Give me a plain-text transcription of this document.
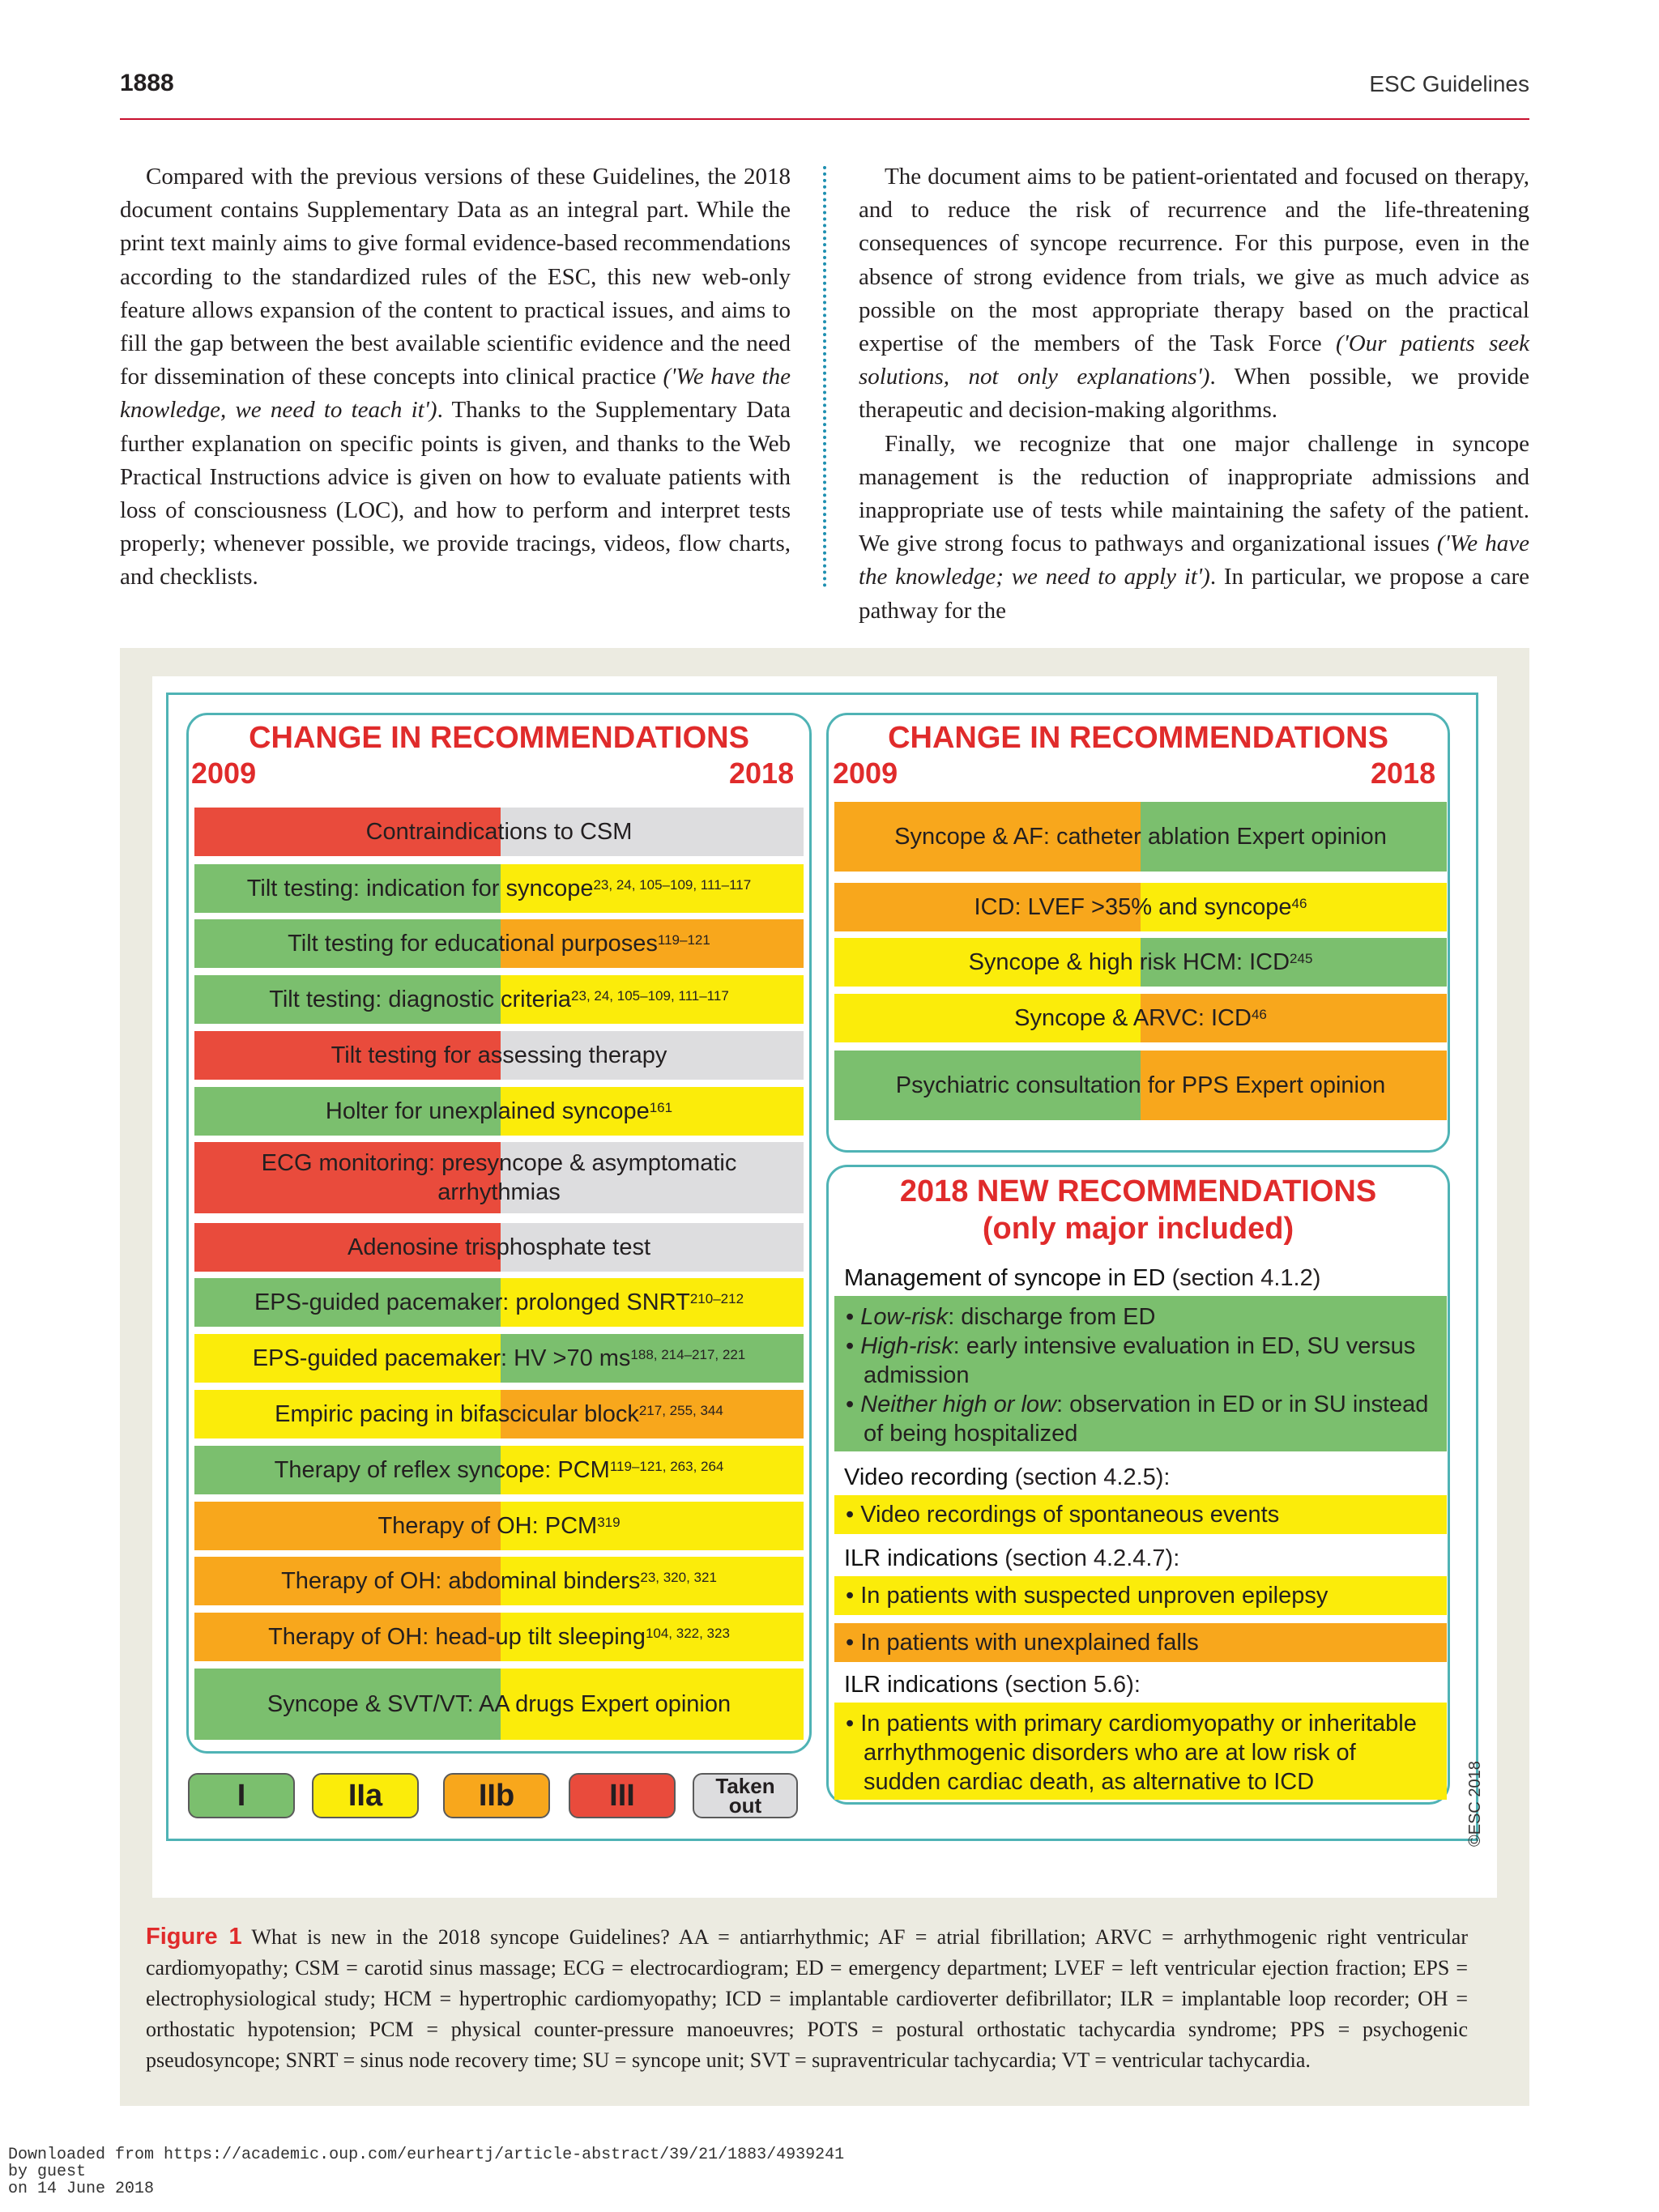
1888	ESC Guidelines

Compared with the previous versions of these Guidelines, the 2018 document contains Supplementary Data as an integral part. While the print text mainly aims to give formal evidence-based recommendations according to the standardized rules of the ESC, this new web-only feature allows expansion of the content to practical issues, and aims to fill the gap between the best available scientific evidence and the need for dissemination of these concepts into clinical practice ('We have the knowledge, we need to teach it'). Thanks to the Supplementary Data further explanation on specific points is given, and thanks to the Web Practical Instructions advice is given on how to evaluate patients with loss of consciousness (LOC), and how to perform and interpret tests properly; whenever possible, we provide tracings, videos, flow charts, and checklists.

The document aims to be patient-orientated and focused on therapy, and to reduce the risk of recurrence and the life-threatening consequences of syncope recurrence. For this purpose, even in the absence of strong evidence from trials, we give as much advice as possible on the most appropriate therapy based on the practical expertise of the members of the Task Force ('Our patients seek solutions, not only explanations'). When possible, we provide therapeutic and decision-making algorithms.

Finally, we recognize that one major challenge in syncope management is the reduction of inappropriate admissions and inappropriate use of tests while maintaining the safety of the patient. We give strong focus to pathways and organizational issues ('We have the knowledge; we need to apply it'). In particular, we propose a care pathway for the

CHANGE IN RECOMMENDATIONS
2009	2018
Contraindications to CSM
Tilt testing: indication for syncope$^{23, 24, 105-109, 111-117}$
Tilt testing for educational purposes$^{119-121}$
Tilt testing: diagnostic criteria$^{23, 24, 105-109, 111-117}$
Tilt testing for assessing therapy
Holter for unexplained syncope$^{161}$
ECG monitoring: presyncope & asymptomatic arrhythmias
Adenosine trisphosphate test
EPS-guided pacemaker: prolonged SNRT$^{210-212}$
EPS-guided pacemaker: HV >70 ms$^{188, 214-217, 221}$
Empiric pacing in bifascicular block$^{217, 255, 344}$
Therapy of reflex syncope: PCM$^{119-121, 263, 264}$
Therapy of OH: PCM$^{319}$
Therapy of OH: abdominal binders$^{23, 320, 321}$
Therapy of OH: head-up tilt sleeping$^{104, 322, 323}$
Syncope & SVT/VT: AA drugs Expert opinion
CHANGE IN RECOMMENDATIONS
2009	2018
Syncope & AF: catheter ablation Expert opinion
ICD: LVEF >35% and syncope$^{46}$
Syncope & high risk HCM: ICD$^{245}$
Syncope & ARVC: ICD$^{46}$
Psychiatric consultation for PPS Expert opinion
2018 NEW RECOMMENDATIONS
(only major included)
Management of syncope in ED (section 4.1.2)
• Low-risk: discharge from ED
• High-risk: early intensive evaluation in ED, SU versus admission
• Neither high or low: observation in ED or in SU instead of being hospitalized
Video recording (section 4.2.5):
• Video recordings of spontaneous events
ILR indications (section 4.2.4.7):
• In patients with suspected unproven epilepsy
• In patients with unexplained falls
ILR indications (section 5.6):
• In patients with primary cardiomyopathy or inheritable arrhythmogenic disorders who are at low risk of sudden cardiac death, as alternative to ICD
I	IIa	IIb	III	Taken out	©ESC 2018
Figure 1 What is new in the 2018 syncope Guidelines? AA = antiarrhythmic; AF = atrial fibrillation; ARVC = arrhythmogenic right ventricular cardiomyopathy; CSM = carotid sinus massage; ECG = electrocardiogram; ED = emergency department; LVEF = left ventricular ejection fraction; EPS = electrophysiological study; HCM = hypertrophic cardiomyopathy; ICD = implantable cardioverter defibrillator; ILR = implantable loop recorder; OH = orthostatic hypotension; PCM = physical counter-pressure manoeuvres; POTS = postural orthostatic tachycardia syndrome; PPS = psychogenic pseudosyncope; SNRT = sinus node recovery time; SU = syncope unit; SVT = supraventricular tachycardia; VT = ventricular tachycardia.
Downloaded from https://academic.oup.com/eurheartj/article-abstract/39/21/1883/4939241
by guest
on 14 June 2018
